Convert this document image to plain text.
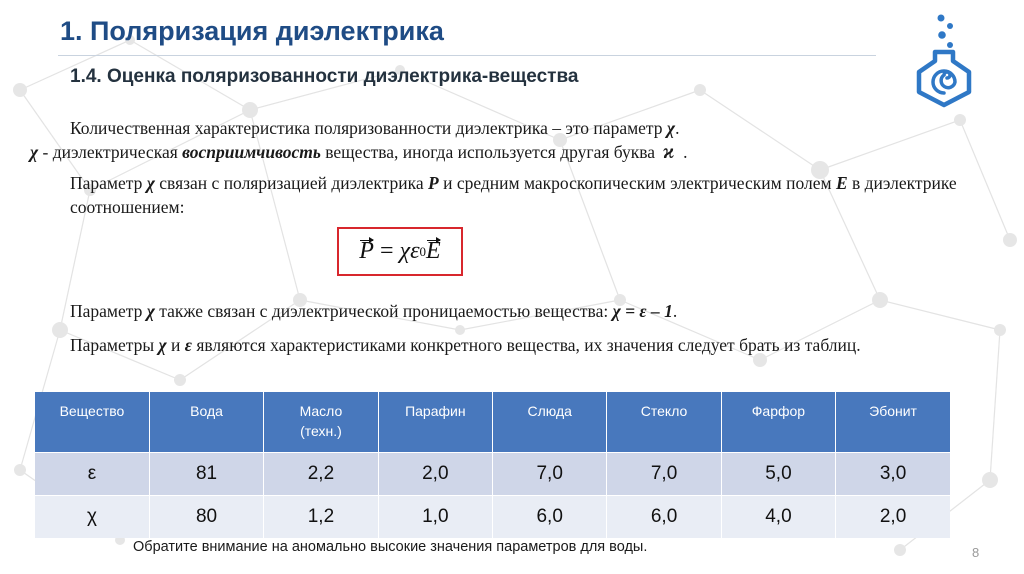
1. Поляризация диэлектрика
1.4. Оценка поляризованности диэлектрика-вещества

Количественная характеристика поляризованности диэлектрика – это параметр χ.

χ - диэлектрическая восприимчивость вещества, иногда используется другая буква ϰ .

Параметр χ связан с поляризацией диэлектрика P и средним макроскопическим электрическим полем E в диэлектрике соотношением:

P = χ ε 0 E

Параметр χ также связан с диэлектрической проницаемостью вещества: χ = ε – 1.

Параметры χ и ε являются характеристиками конкретного вещества, их значения следует брать из таблиц.

Вещество	Вода	Масло
(техн.)	Парафин	Слюда	Стекло	Фарфор	Эбонит
ε	81	2,2	2,0	7,0	7,0	5,0	3,0
χ	80	1,2	1,0	6,0	6,0	4,0	2,0

Обратите внимание на аномально высокие значения параметров для воды.	8
